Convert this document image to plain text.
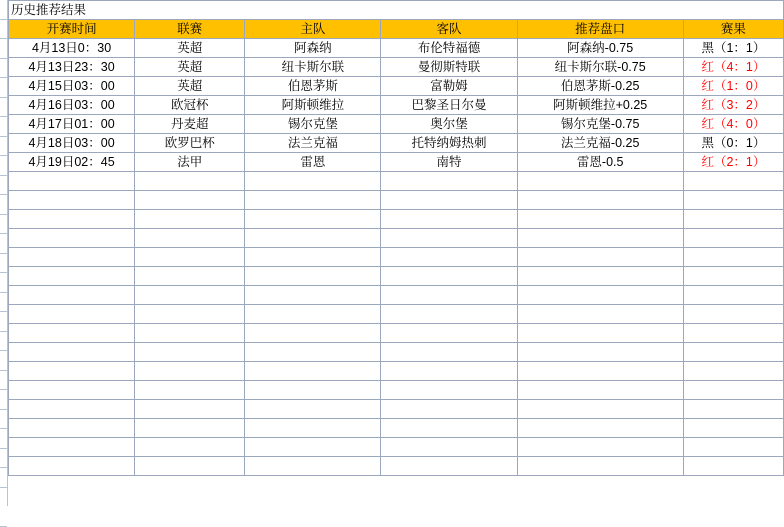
历史推荐结果					
开赛时间	联赛	主队	客队	推荐盘口	赛果
4月13日0：30	英超	阿森纳	布伦特福德	阿森纳-0.75	黑（1：1）
4月13日23：30	英超	纽卡斯尔联	曼彻斯特联	纽卡斯尔联-0.75	红（4：1）
4月15日03：00	英超	伯恩茅斯	富勒姆	伯恩茅斯-0.25	红（1：0）
4月16日03：00	欧冠杯	阿斯顿维拉	巴黎圣日尔曼	阿斯顿维拉+0.25	红（3：2）
4月17日01：00	丹麦超	锡尔克堡	奥尔堡	锡尔克堡-0.75	红（4：0）
4月18日03：00	欧罗巴杯	法兰克福	托特纳姆热刺	法兰克福-0.25	黑（0：1）
4月19日02：45	法甲	雷恩	南特	雷恩-0.5	红（2：1）
